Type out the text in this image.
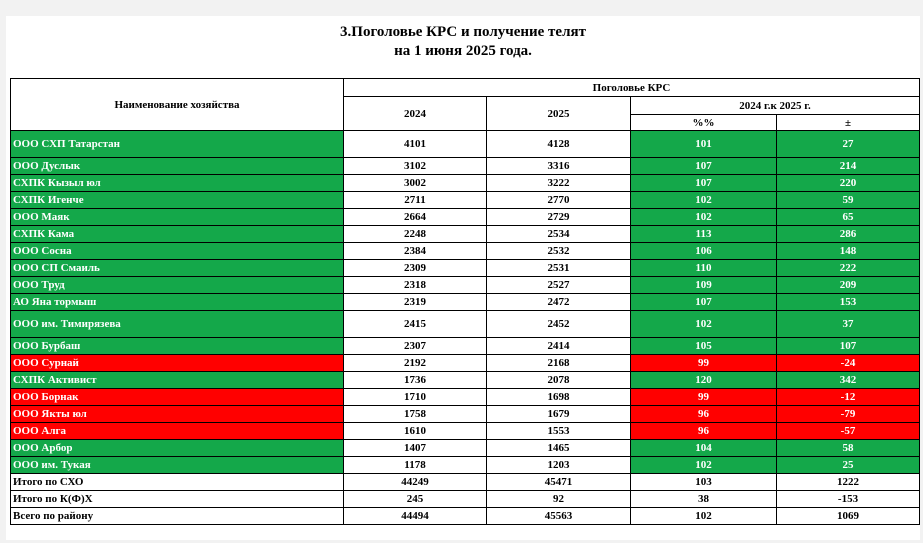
3.Поголовье КРС и получение телят
на 1 июня 2025 года.
Наименование хозяйства	Поголовье КРС			
	2024	2025	2024 г.к 2025 г.	
			%%	±
ООО СХП Татарстан	4101	4128	101	27
ООО Дуслык	3102	3316	107	214
СХПК Кызыл юл	3002	3222	107	220
СХПК Игенче	2711	2770	102	59
ООО Маяк	2664	2729	102	65
СХПК Кама	2248	2534	113	286
ООО Сосна	2384	2532	106	148
ООО СП Смаиль	2309	2531	110	222
ООО Труд	2318	2527	109	209
АО Яна тормыш	2319	2472	107	153
ООО им. Тимирязева	2415	2452	102	37
ООО Бурбаш	2307	2414	105	107
ООО Сурнай	2192	2168	99	-24
СХПК Активист	1736	2078	120	342
ООО Борнак	1710	1698	99	-12
ООО Якты юл	1758	1679	96	-79
ООО Алга	1610	1553	96	-57
ООО Арбор	1407	1465	104	58
ООО им. Тукая	1178	1203	102	25
Итого по СХО	44249	45471	103	1222
Итого по К(Ф)Х	245	92	38	-153
Всего по району	44494	45563	102	1069
